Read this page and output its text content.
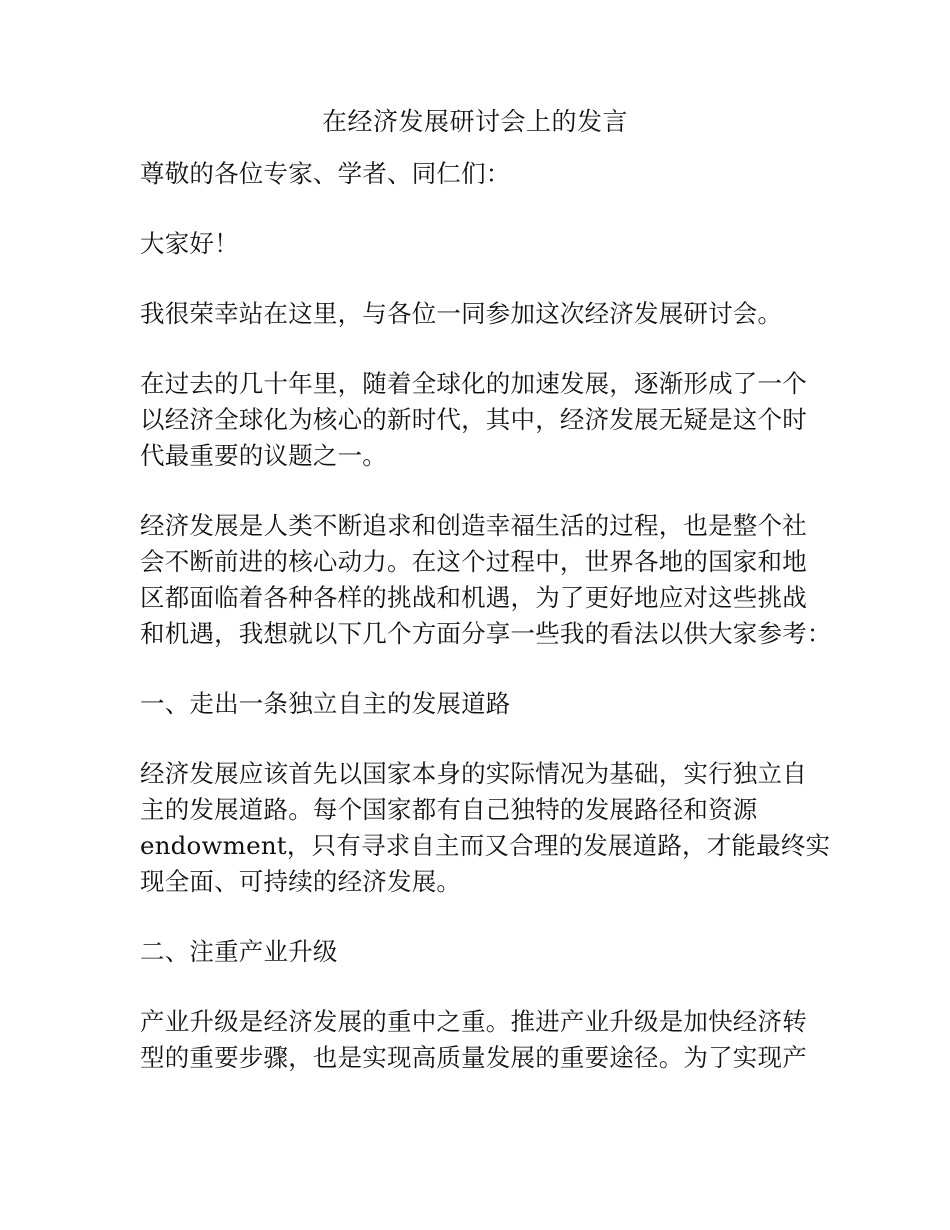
在经济发展研讨会上的发言

尊敬的各位专家、学者、同仁们：

大家好！

我很荣幸站在这里，与各位一同参加这次经济发展研讨会。

在过去的几十年里，随着全球化的加速发展，逐渐形成了一个
以经济全球化为核心的新时代，其中，经济发展无疑是这个时
代最重要的议题之一。

经济发展是人类不断追求和创造幸福生活的过程，也是整个社
会不断前进的核心动力。在这个过程中，世界各地的国家和地
区都面临着各种各样的挑战和机遇，为了更好地应对这些挑战
和机遇，我想就以下几个方面分享一些我的看法以供大家参考：

一、走出一条独立自主的发展道路

经济发展应该首先以国家本身的实际情况为基础，实行独立自
主的发展道路。每个国家都有自己独特的发展路径和资源
endowment，只有寻求自主而又合理的发展道路，才能最终实
现全面、可持续的经济发展。

二、注重产业升级

产业升级是经济发展的重中之重。推进产业升级是加快经济转
型的重要步骤，也是实现高质量发展的重要途径。为了实现产
